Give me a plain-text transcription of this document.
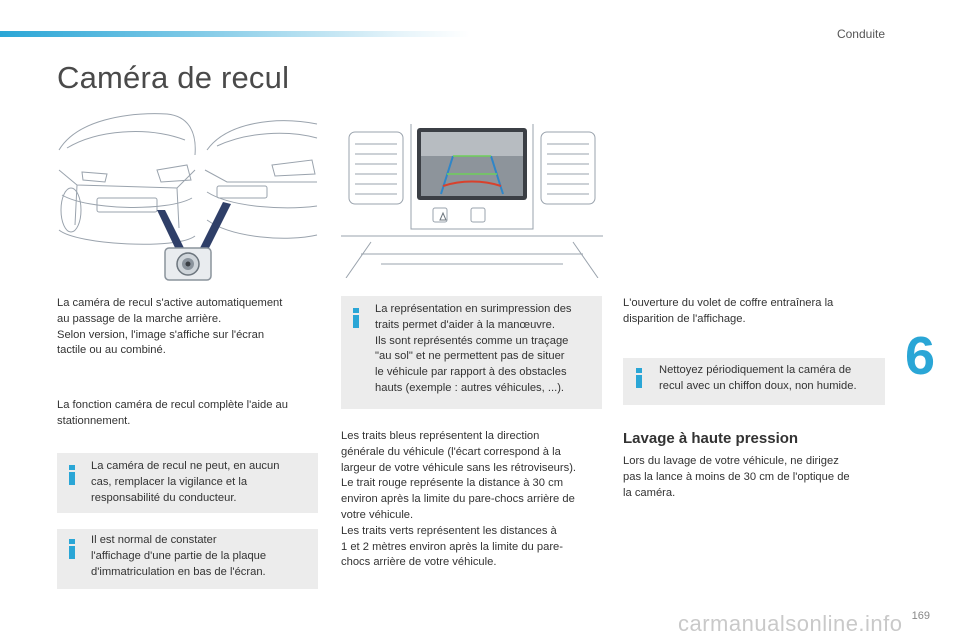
Conduite
Caméra de recul
La caméra de recul s'active automatiquement
au passage de la marche arrière.
Selon version, l'image s'affiche sur l'écran
tactile ou au combiné.
La fonction caméra de recul complète l'aide au
stationnement.
La caméra de recul ne peut, en aucun
cas, remplacer la vigilance et la
responsabilité du conducteur.
Il est normal de constater
l'affichage d'une partie de la plaque
d'immatriculation en bas de l'écran.
La représentation en surimpression des
traits permet d'aider à la manœuvre.
Ils sont représentés comme un traçage
"au sol" et ne permettent pas de situer
le véhicule par rapport à des obstacles
hauts (exemple : autres véhicules, ...).
Les traits bleus représentent la direction
générale du véhicule (l'écart correspond à la
largeur de votre véhicule sans les rétroviseurs).
Le trait rouge représente la distance à 30 cm
environ après la limite du pare-chocs arrière de
votre véhicule.
Les traits verts représentent les distances à
1 et 2 mètres environ après la limite du pare-
chocs arrière de votre véhicule.
L'ouverture du volet de coffre entraînera la
disparition de l'affichage.
Nettoyez périodiquement la caméra de
recul avec un chiffon doux, non humide.
Lavage à haute pression
Lors du lavage de votre véhicule, ne dirigez
pas la lance à moins de 30 cm de l'optique de
la caméra.
6
carmanualsonline.info 169
